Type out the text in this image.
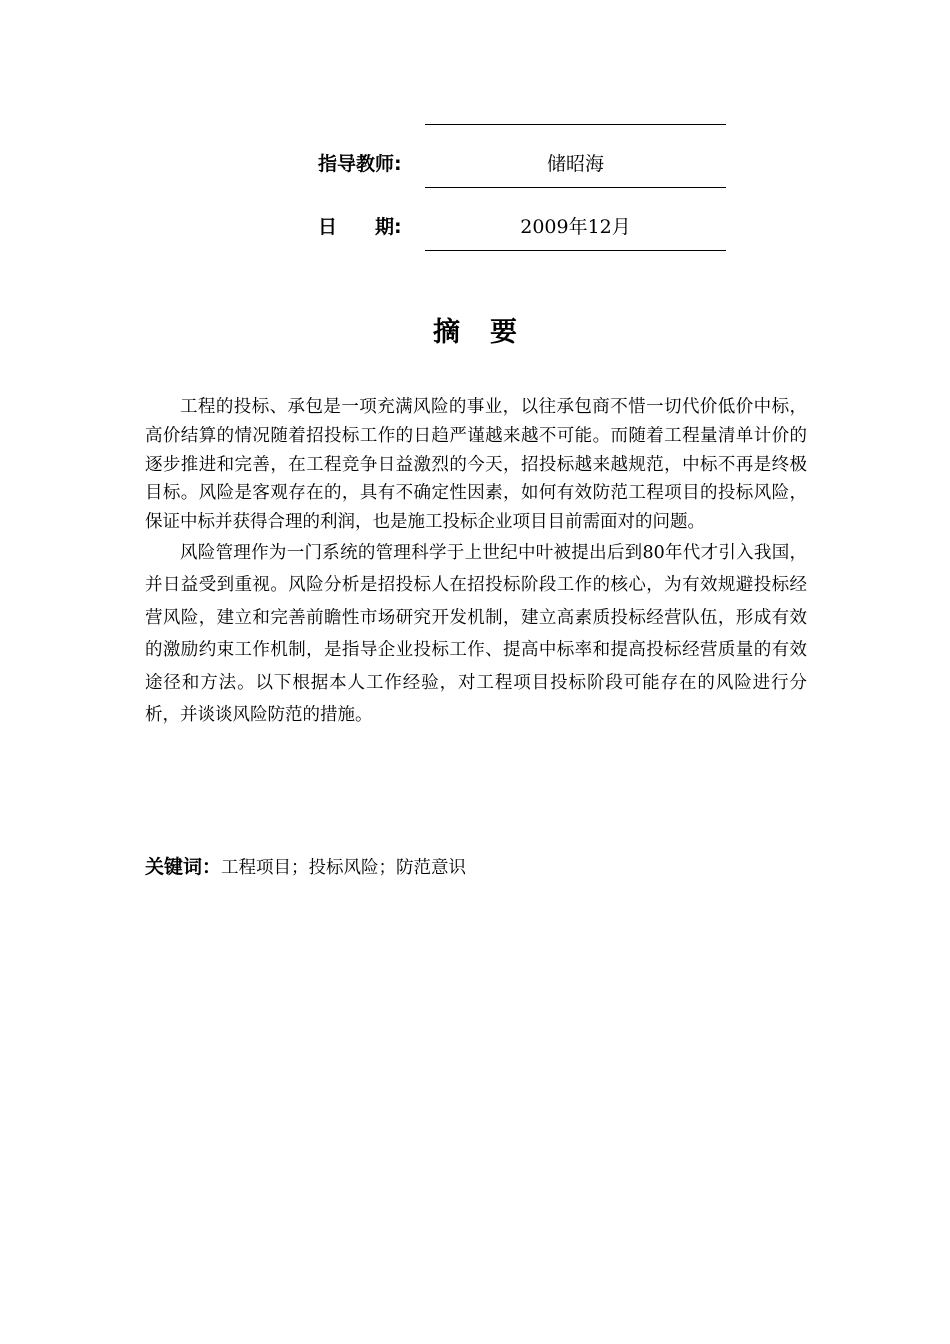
指导教师:	储昭海
日　　期:	2009年12月
摘要

工程的投标、承包是一项充满风险的事业，以往承包商不惜一切代价低价中标，高价结算的情况随着招投标工作的日趋严谨越来越不可能。而随着工程量清单计价的逐步推进和完善，在工程竞争日益激烈的今天，招投标越来越规范，中标不再是终极目标。风险是客观存在的，具有不确定性因素，如何有效防范工程项目的投标风险，保证中标并获得合理的利润，也是施工投标企业项目目前需面对的问题。

风险管理作为一门系统的管理科学于上世纪中叶被提出后到80年代才引入我国，并日益受到重视。风险分析是招投标人在招投标阶段工作的核心，为有效规避投标经营风险，建立和完善前瞻性市场研究开发机制，建立高素质投标经营队伍，形成有效的激励约束工作机制，是指导企业投标工作、提高中标率和提高投标经营质量的有效途径和方法。以下根据本人工作经验，对工程项目投标阶段可能存在的风险进行分析，并谈谈风险防范的措施。

关键词：工程项目；投标风险；防范意识
